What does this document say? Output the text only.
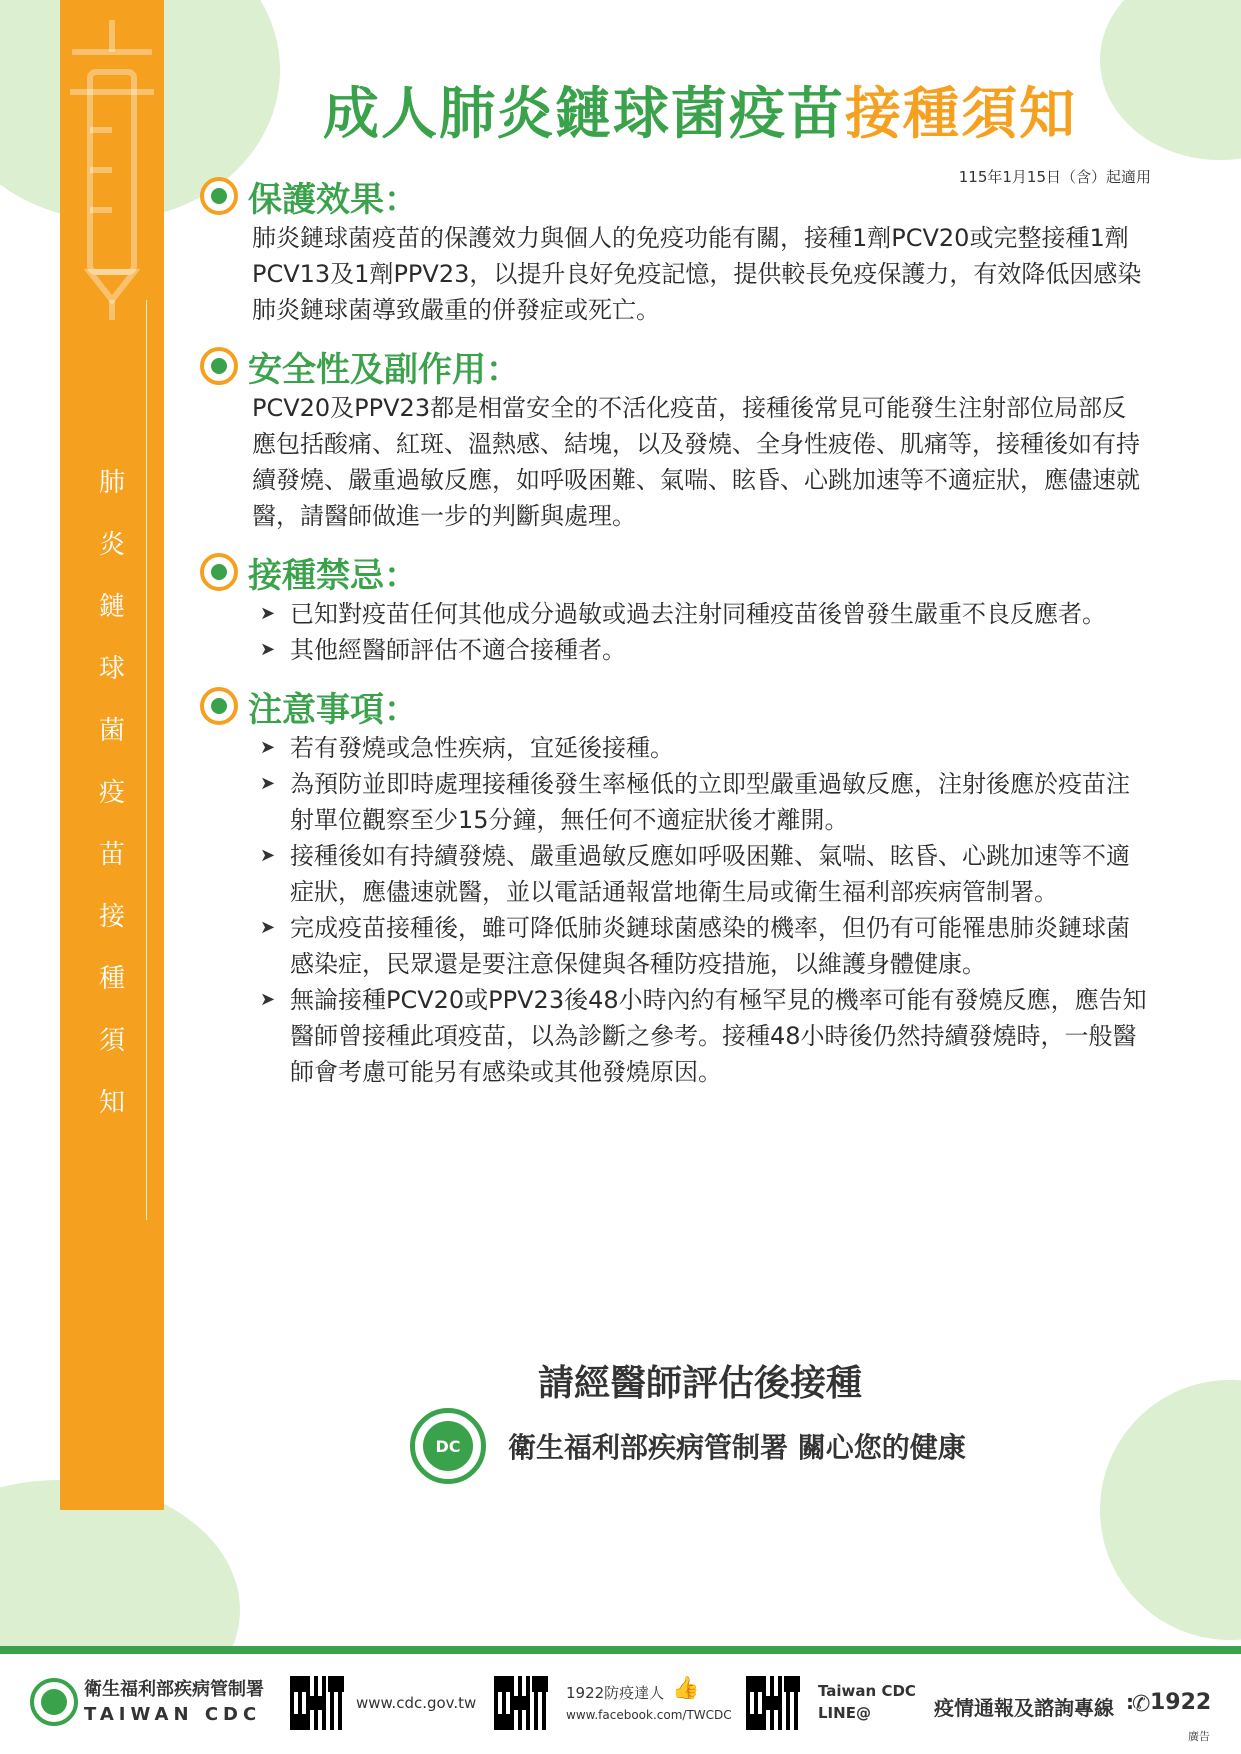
肺
炎
鏈
球
菌
疫
苗
接
種
須
知
成人肺炎鏈球菌疫苗接種須知
115年1月15日（含）起適用
保護效果：
肺炎鏈球菌疫苗的保護效力與個人的免疫功能有關，接種1劑PCV20或完整接種1劑PCV13及1劑PPV23，以提升良好免疫記憶，提供較長免疫保護力，有效降低因感染肺炎鏈球菌導致嚴重的併發症或死亡。
安全性及副作用：
PCV20及PPV23都是相當安全的不活化疫苗，接種後常見可能發生注射部位局部反應包括酸痛、紅斑、溫熱感、結塊，以及發燒、全身性疲倦、肌痛等，接種後如有持續發燒、嚴重過敏反應，如呼吸困難、氣喘、眩昏、心跳加速等不適症狀，應儘速就醫，請醫師做進一步的判斷與處理。
接種禁忌：
➤ 已知對疫苗任何其他成分過敏或過去注射同種疫苗後曾發生嚴重不良反應者。
➤ 其他經醫師評估不適合接種者。
注意事項：
➤ 若有發燒或急性疾病，宜延後接種。
➤ 為預防並即時處理接種後發生率極低的立即型嚴重過敏反應，注射後應於疫苗注射單位觀察至少15分鐘，無任何不適症狀後才離開。
➤ 接種後如有持續發燒、嚴重過敏反應如呼吸困難、氣喘、眩昏、心跳加速等不適症狀，應儘速就醫，並以電話通報當地衛生局或衛生福利部疾病管制署。
➤ 完成疫苗接種後，雖可降低肺炎鏈球菌感染的機率，但仍有可能罹患肺炎鏈球菌感染症，民眾還是要注意保健與各種防疫措施，以維護身體健康。
➤ 無論接種PCV20或PPV23後48小時內約有極罕見的機率可能有發燒反應，應告知醫師曾接種此項疫苗，以為診斷之參考。接種48小時後仍然持續發燒時，一般醫師會考慮可能另有感染或其他發燒原因。
請經醫師評估後接種
DC	衛生福利部疾病管制署 關心您的健康
衛生福利部疾病管制署
TAIWAN CDC
www.cdc.gov.tw
1922防疫達人 👍
www.facebook.com/TWCDC
Taiwan CDC
LINE@	疫情通報及諮詢專線 :
✆ 1922
廣告
